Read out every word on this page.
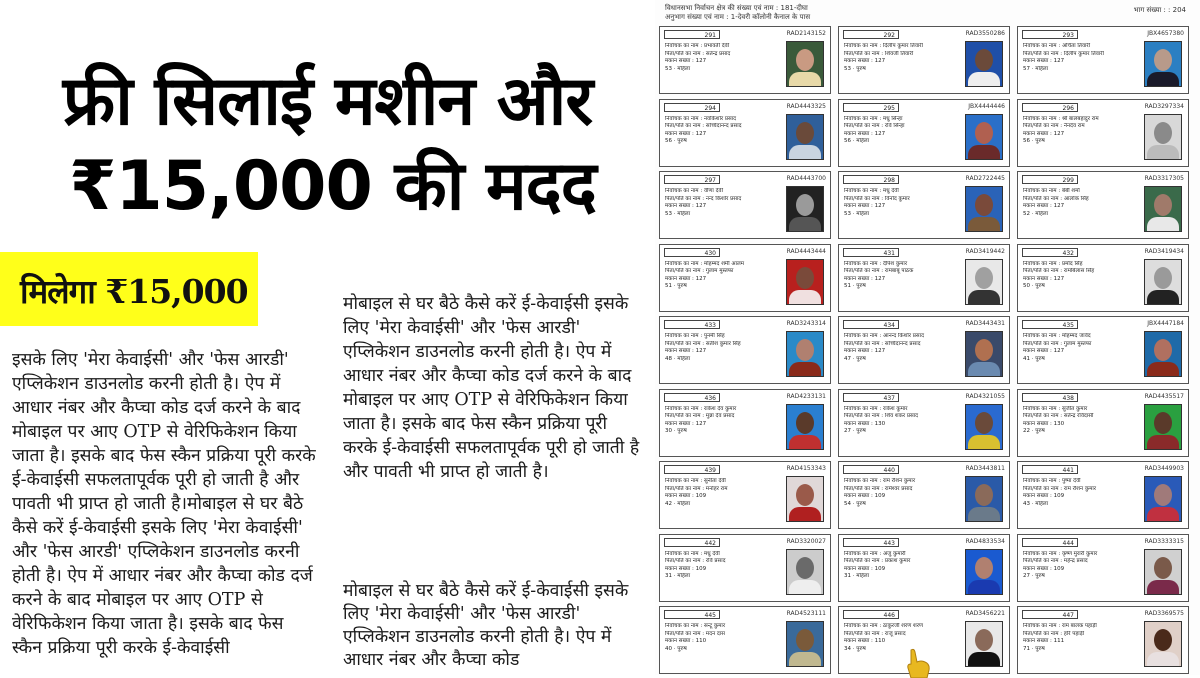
फ्री सिलाई मशीन और
₹15,000 की मदद
मिलेगा ₹15,000

इसके लिए 'मेरा केवाईसी' और 'फेस आरडी' एप्लिकेशन डाउनलोड करनी होती है। ऐप में आधार नंबर और कैप्चा कोड दर्ज करने के बाद मोबाइल पर आए OTP से वेरिफिकेशन किया जाता है। इसके बाद फेस स्कैन प्रक्रिया पूरी करके ई-केवाईसी सफलतापूर्वक पूरी हो जाती है और पावती भी प्राप्त हो जाती है।मोबाइल से घर बैठे कैसे करें ई-केवाईसी इसके लिए 'मेरा केवाईसी' और 'फेस आरडी' एप्लिकेशन डाउनलोड करनी होती है। ऐप में आधार नंबर और कैप्चा कोड दर्ज करने के बाद मोबाइल पर आए OTP से वेरिफिकेशन किया जाता है। इसके बाद फेस स्कैन प्रक्रिया पूरी करके ई-केवाईसी

मोबाइल से घर बैठे कैसे करें ई-केवाईसी इसके लिए 'मेरा केवाईसी' और 'फेस आरडी' एप्लिकेशन डाउनलोड करनी होती है। ऐप में आधार नंबर और कैप्चा कोड दर्ज करने के बाद मोबाइल पर आए OTP से वेरिफिकेशन किया जाता है। इसके बाद फेस स्कैन प्रक्रिया पूरी करके ई-केवाईसी सफलतापूर्वक पूरी हो जाती है और पावती भी प्राप्त हो जाती है।

मोबाइल से घर बैठे कैसे करें ई-केवाईसी इसके लिए 'मेरा केवाईसी' और 'फेस आरडी' एप्लिकेशन डाउनलोड करनी होती है। ऐप में आधार नंबर और कैप्चा कोड

विधानसभा निर्वाचन क्षेत्र की संख्या एवं नाम : 181-दीघा
अनुभाग संख्या एवं नाम : 1-देवरी कॉलोनी कैनाल के पास
भाग संख्या : : 204
291	RAD2143152
निर्वाचक का नाम : प्रभावती देवी
पिता/पति का नाम : सतेन्द्र प्रसाद
मकान संख्या : 127
53 · महिला
292	RAD3550286
निर्वाचक का नाम : दिलीप कुमार तिवारी
पिता/पति का नाम : शिवजी तिवारी
मकान संख्या : 127
53 · पुरुष
293	JBX4657380
निर्वाचक का नाम : अर्चिता तिवारी
पिता/पति का नाम : दिलीप कुमार तिवारी
मकान संख्या : 127
57 · महिला
294	RAD4443325
निर्वाचक का नाम : नवकिशोर प्रसाद
पिता/पति का नाम : सच्चिदानन्द प्रसाद
मकान संख्या : 127
56 · पुरुष
295	JBX4444446
निर्वाचक का नाम : मधु सिन्हा
पिता/पति का नाम : रवि सिन्हा
मकान संख्या : 127
56 · महिला
296	RAD3297334
निर्वाचक का नाम : श्री बालबहादुर राम
पिता/पति का नाम : नैनदेव राम
मकान संख्या : 127
56 · पुरुष
297	RAD4443700
निर्वाचक का नाम : वीणा देवी
पिता/पति का नाम : नन्द किशोर प्रसाद
मकान संख्या : 127
53 · महिला
298	RAD2722445
निर्वाचक का नाम : मधु देवी
पिता/पति का नाम : विनोद कुमार
मकान संख्या : 127
53 · महिला
299	RAD3317305
निर्वाचक का नाम : बेबी शर्मा
पिता/पति का नाम : आलोक सिंह
मकान संख्या : 127
52 · महिला
430	RAD4443444
निर्वाचक का नाम : मोहम्मद शमी आलम
पिता/पति का नाम : गुलाम मुस्तफा
मकान संख्या : 127
51 · पुरुष
431	RAD3419442
निर्वाचक का नाम : दीपेश कुमार
पिता/पति का नाम : रामबाबू पाठक
मकान संख्या : 127
51 · पुरुष
432	RAD3419434
निर्वाचक का नाम : प्रमोद सिंह
पिता/पति का नाम : रामबिलास सिंह
मकान संख्या : 127
50 · पुरुष
433	RAD3243314
निर्वाचक का नाम : पुनमी सिंह
पिता/पति का नाम : सतीश कुमार सिंह
मकान संख्या : 127
48 · महिला
434	RAD3443431
निर्वाचक का नाम : आनन्द किशोर प्रसाद
पिता/पति का नाम : सच्चिदानन्द प्रसाद
मकान संख्या : 127
47 · पुरुष
435	JBX4447184
निर्वाचक का नाम : मोहम्मद जावेद
पिता/पति का नाम : गुलाम मुस्तफा
मकान संख्या : 127
41 · पुरुष
436	RAD4233131
निर्वाचक का नाम : राकेश देव कुमार
पिता/पति का नाम : मुन्ना देव प्रसाद
मकान संख्या : 127
30 · पुरुष
437	RAD4321055
निर्वाचक का नाम : राकेश कुमार
पिता/पति का नाम : शिव शंकर प्रसाद
मकान संख्या : 130
27 · पुरुष
438	RAD4435517
निर्वाचक का नाम : सुजीत कुमार
पिता/पति का नाम : सतेन्द्र रविदासी
मकान संख्या : 130
22 · पुरुष
439	RAD4153343
निर्वाचक का नाम : सुनीता देवी
पिता/पति का नाम : मनोहर राम
मकान संख्या : 109
42 · महिला
440	RAD3443811
निर्वाचक का नाम : राम रौशन कुमार
पिता/पति का नाम : रामेश्वर प्रसाद
मकान संख्या : 109
54 · पुरुष
441	RAD3449903
निर्वाचक का नाम : पुष्पा देवी
पिता/पति का नाम : राम रौशन कुमार
मकान संख्या : 109
43 · महिला
442	RAD3320027
निर्वाचक का नाम : मधु देवी
पिता/पति का नाम : रवि प्रसाद
मकान संख्या : 109
31 · महिला
443	RAD4833534
निर्वाचक का नाम : अंजु कुमारी
पिता/पति का नाम : प्रकाश कुमार
मकान संख्या : 109
31 · महिला
444	RAD3333315
निर्वाचक का नाम : कृष्ण मुरारी कुमार
पिता/पति का नाम : महेन्द्र प्रसाद
मकान संख्या : 109
27 · पुरुष
445	RAD4523111
निर्वाचक का नाम : सन्टू कुमार
पिता/पति का नाम : मदन दास
मकान संख्या : 110
40 · पुरुष
446	RAD3456221
निर्वाचक का नाम : ठाकुरजी शरण शरण
पिता/पति का नाम : राजू प्रसाद
मकान संख्या : 110
34 · पुरुष
447	RAD3369575
निर्वाचक का नाम : राम बालक पहाड़ी
पिता/पति का नाम : हरि पहाड़ी
मकान संख्या : 111
71 · पुरुष
